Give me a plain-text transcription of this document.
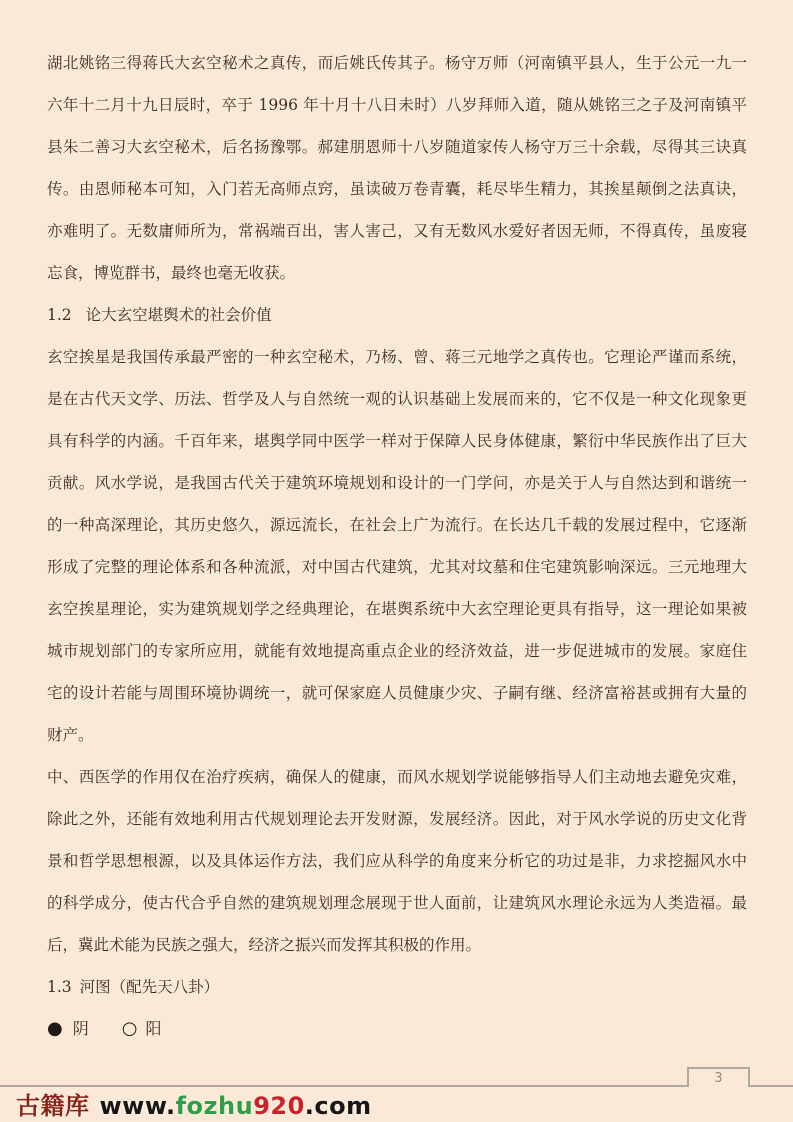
湖北姚铭三得蒋氏大玄空秘术之真传，而后姚氏传其子。杨守万师（河南镇平县人，生于公元一九一
六年十二月十九日辰时，卒于 1996 年十月十八日未时）八岁拜师入道，随从姚铭三之子及河南镇平
县朱二善习大玄空秘术，后名扬豫鄂。郝建朋恩师十八岁随道家传人杨守万三十余载，尽得其三诀真
传。由恩师秘本可知，入门若无高师点窍，虽读破万卷青囊，耗尽毕生精力，其挨星颠倒之法真诀，
亦难明了。无数庸师所为，常祸端百出，害人害己，又有无数风水爱好者因无师，不得真传，虽废寝
忘食，博览群书，最终也毫无收获。
1.2 论大玄空堪舆术的社会价值
玄空挨星是我国传承最严密的一种玄空秘术，乃杨、曾、蒋三元地学之真传也。它理论严谨而系统，
是在古代天文学、历法、哲学及人与自然统一观的认识基础上发展而来的，它不仅是一种文化现象更
具有科学的内涵。千百年来，堪舆学同中医学一样对于保障人民身体健康，繁衍中华民族作出了巨大
贡献。风水学说，是我国古代关于建筑环境规划和设计的一门学问，亦是关于人与自然达到和谐统一
的一种高深理论，其历史悠久，源远流长，在社会上广为流行。在长达几千载的发展过程中，它逐渐
形成了完整的理论体系和各种流派，对中国古代建筑，尤其对坟墓和住宅建筑影响深远。三元地理大
玄空挨星理论，实为建筑规划学之经典理论，在堪舆系统中大玄空理论更具有指导，这一理论如果被
城市规划部门的专家所应用，就能有效地提高重点企业的经济效益，进一步促进城市的发展。家庭住
宅的设计若能与周围环境协调统一，就可保家庭人员健康少灾、子嗣有继、经济富裕甚或拥有大量的
财产。
中、西医学的作用仅在治疗疾病，确保人的健康，而风水规划学说能够指导人们主动地去避免灾难，
除此之外，还能有效地利用古代规划理论去开发财源，发展经济。因此，对于风水学说的历史文化背
景和哲学思想根源，以及具体运作方法，我们应从科学的角度来分析它的功过是非，力求挖掘风水中
的科学成分，使古代合乎自然的建筑规划理念展现于世人面前，让建筑风水理论永远为人类造福。最
后，冀此术能为民族之强大，经济之振兴而发挥其积极的作用。
1.3 河图（配先天八卦）
● 阴 ○ 阳
3
古籍库 www.fozhu920.com
